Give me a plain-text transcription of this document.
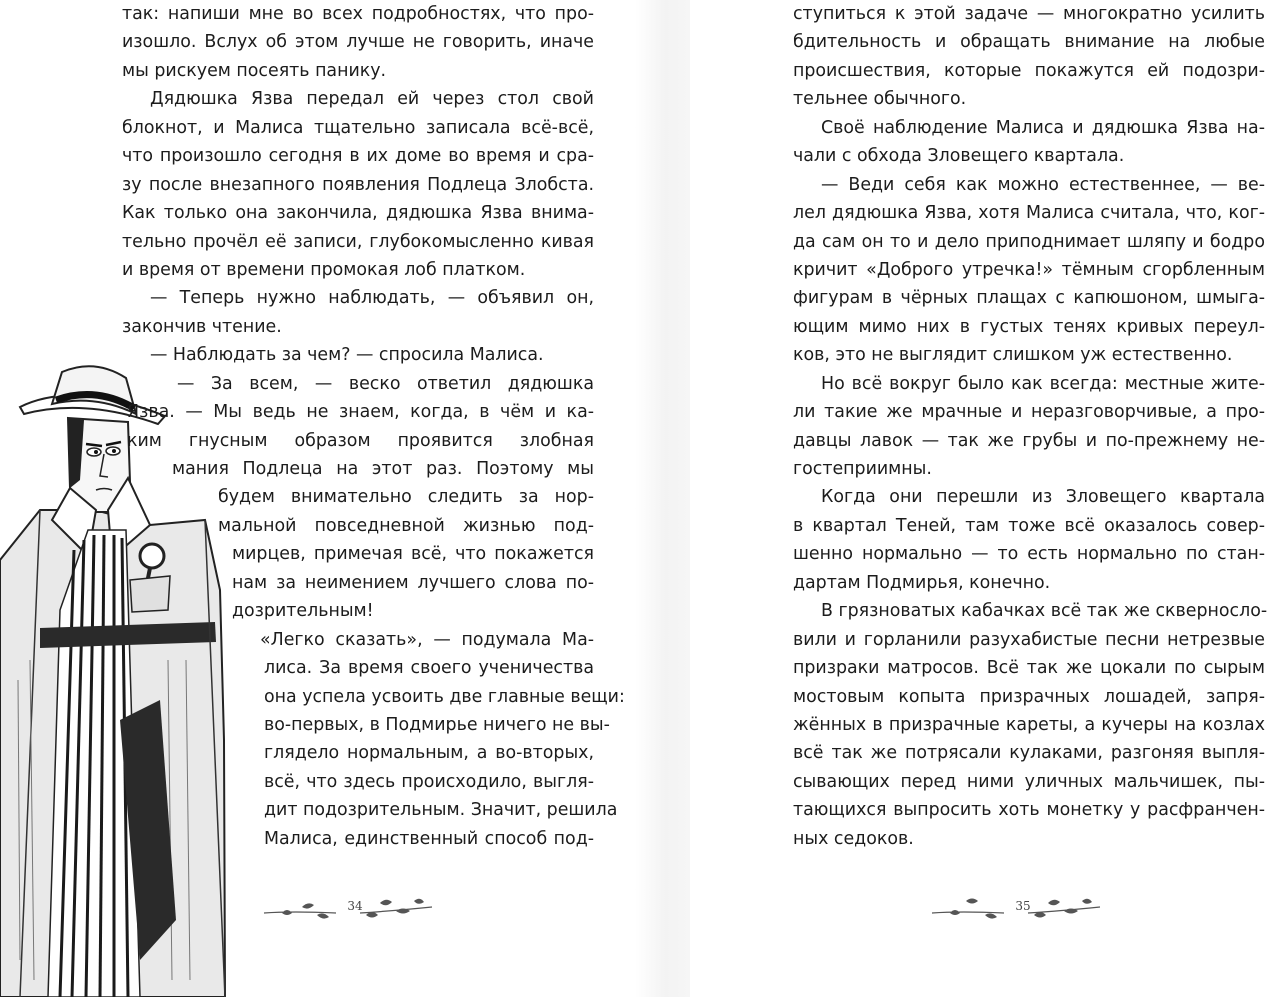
так: напиши мне во всех подробностях, что про-
изошло. Вслух об этом лучше не говорить, иначе
мы рискуем посеять панику.
Дядюшка Язва передал ей через стол свой
блокнот, и Малиса тщательно записала всё-всё,
что произошло сегодня в их доме во время и сра-
зу после внезапного появления Подлеца Злобста.
Как только она закончила, дядюшка Язва внима-
тельно прочёл её записи, глубокомысленно кивая
и время от времени промокая лоб платком.
— Теперь нужно наблюдать, — объявил он,
закончив чтение.
— Наблюдать за чем? — спросила Малиса.
— За всем, — веско ответил дядюшка
Язва. — Мы ведь не знаем, когда, в чём и ка-
ким гнусным образом проявится злобная
мания Подлеца на этот раз. Поэтому мы
будем внимательно следить за нор-
мальной повседневной жизнью под-
мирцев, примечая всё, что покажется
нам за неимением лучшего слова по-
дозрительным!
«Легко сказать», — подумала Ма-
лиса. За время своего ученичества
она успела усвоить две главные вещи:
во-первых, в Подмирье ничего не вы-
глядело нормальным, а во-вторых,
всё, что здесь происходило, выгля-
дит подозрительным. Значит, решила
Малиса, единственный способ под-
34
ступиться к этой задаче — многократно усилить
бдительность и обращать внимание на любые
происшествия, которые покажутся ей подозри-
тельнее обычного.
Своё наблюдение Малиса и дядюшка Язва на-
чали с обхода Зловещего квартала.
— Веди себя как можно естественнее, — ве-
лел дядюшка Язва, хотя Малиса считала, что, ког-
да сам он то и дело приподнимает шляпу и бодро
кричит «Доброго утречка!» тёмным сгорбленным
фигурам в чёрных плащах с капюшоном, шмыга-
ющим мимо них в густых тенях кривых переул-
ков, это не выглядит слишком уж естественно.
Но всё вокруг было как всегда: местные жите-
ли такие же мрачные и неразговорчивые, а про-
давцы лавок — так же грубы и по-прежнему не-
гостеприимны.
Когда они перешли из Зловещего квартала
в квартал Теней, там тоже всё оказалось совер-
шенно нормально — то есть нормально по стан-
дартам Подмирья, конечно.
В грязноватых кабачках всё так же скверносло-
вили и горланили разухабистые песни нетрезвые
призраки матросов. Всё так же цокали по сырым
мостовым копыта призрачных лошадей, запря-
жённых в призрачные кареты, а кучеры на козлах
всё так же потрясали кулаками, разгоняя выпля-
сывающих перед ними уличных мальчишек, пы-
тающихся выпросить хоть монетку у расфранчен-
ных седоков.
35
